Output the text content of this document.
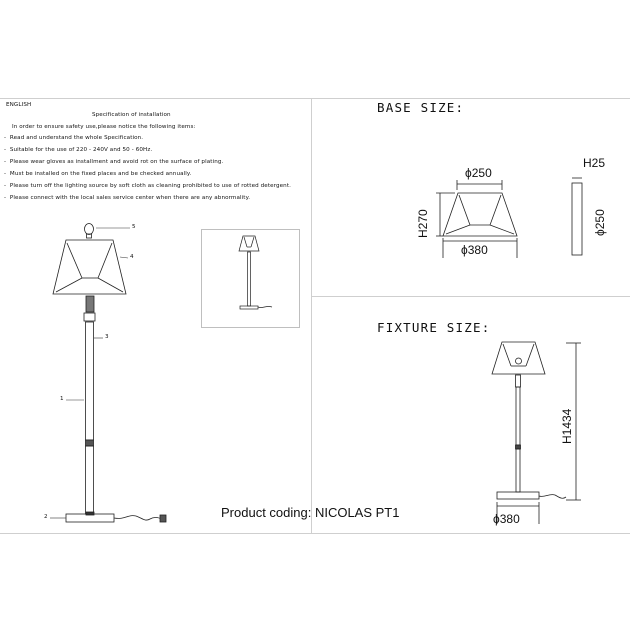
ENGLISH
Specification of installation
In order to ensure safety use,please notice the following items:
- Read and understand the whole Specification.
- Suitable for the use of 220 - 240V and 50 - 60Hz.
- Please wear gloves as installment and avoid rot on the surface of plating.
- Must be installed on the fixed places and be checked annually.
- Please turn off the lighting source by soft cloth as cleaning prohibited to use of rotted detergent.
- Please connect with the local sales service center when there are any abnormality.
5
4
3
1
2
BASE SIZE:
ϕ250
H270
ϕ380
H25
ϕ250
FIXTURE SIZE:
H1434
ϕ380
Product coding: NICOLAS PT1
